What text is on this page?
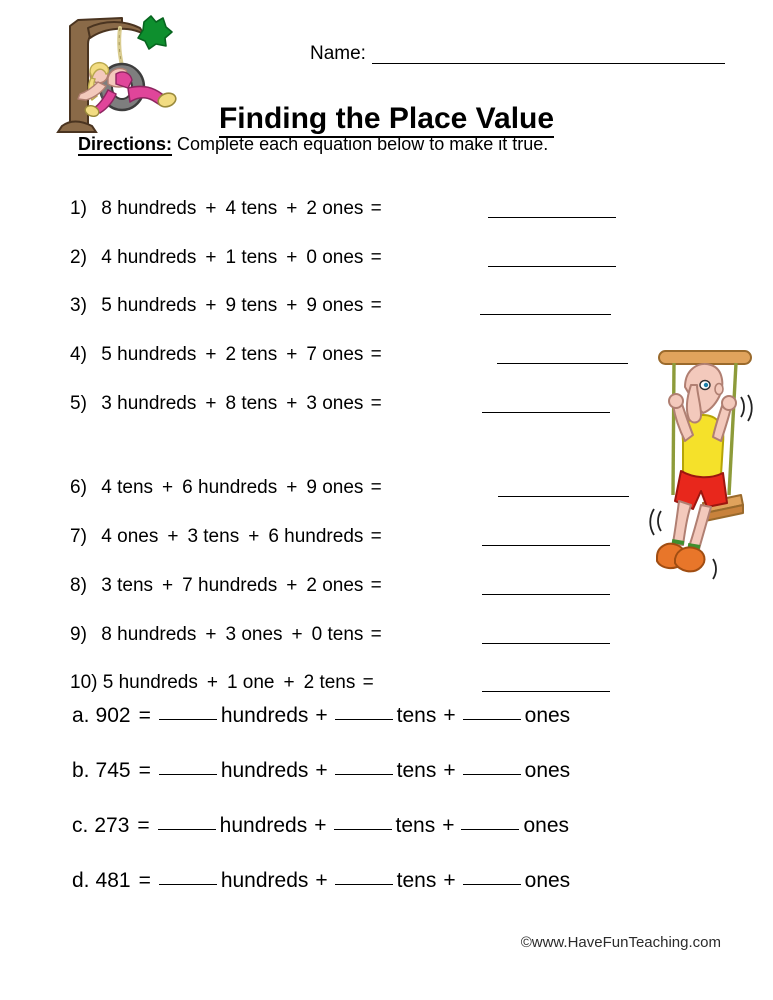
Name:
Finding the Place Value
Directions: Complete each equation below to make it true.
1) 8 hundreds + 4 tens + 2 ones =
2) 4 hundreds + 1 tens + 0 ones =
3) 5 hundreds + 9 tens + 9 ones =
4) 5 hundreds + 2 tens + 7 ones =
5) 3 hundreds + 8 tens + 3 ones =
6) 4 tens + 6 hundreds + 9 ones =
7) 4 ones + 3 tens + 6 hundreds =
8) 3 tens + 7 hundreds + 2 ones =
9) 8 hundreds + 3 ones + 0 tens =
10) 5 hundreds + 1 one + 2 tens =
a. 902 =	hundreds +	tens +	ones
b. 745 =	hundreds +	tens +	ones
c. 273 =	hundreds +	tens +	ones
d. 481 =	hundreds +	tens +	ones
©www.HaveFunTeaching.com
